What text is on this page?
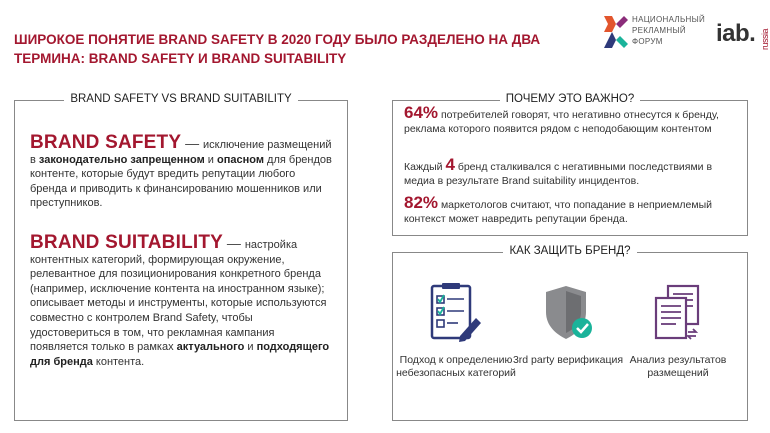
ШИРОКОЕ ПОНЯТИЕ BRAND SAFETY В 2020 ГОДУ БЫЛО РАЗДЕЛЕНО НА ДВА
ТЕРМИНА: BRAND SAFETY И BRAND SUITABILITY
НАЦИОНАЛЬНЫЙ
РЕКЛАМНЫЙ
ФОРУМ	iab. russia
BRAND SAFETY VS BRAND SUITABILITY
BRAND SAFETY — исключение размещений в законодательно запрещенном и опасном для брендов контенте, которые будут вредить репутации любого бренда и приводить к финансированию мошенников или преступников.
BRAND SUITABILITY — настройка контентных категорий, формирующая окружение, релевантное для позиционирования конкретного бренда (например, исключение контента на иностранном языке); описывает методы и инструменты, которые используются совместно с контролем Brand Safety, чтобы удостовериться в том, что рекламная кампания появляется только в рамках актуального и подходящего для бренда контента.
ПОЧЕМУ ЭТО ВАЖНО?
64% потребителей говорят, что негативно отнесутся к бренду, реклама которого появится рядом с неподобающим контентом
Каждый 4 бренд сталкивался с негативными последствиями в медиа в результате Brand suitability инцидентов.
82% маркетологов считают, что попадание в неприемлемый контекст может навредить репутации бренда.
КАК ЗАЩИТЬ БРЕНД?
Подход к определению небезопасных категорий
3rd party верификация Анализ результатов размещений
